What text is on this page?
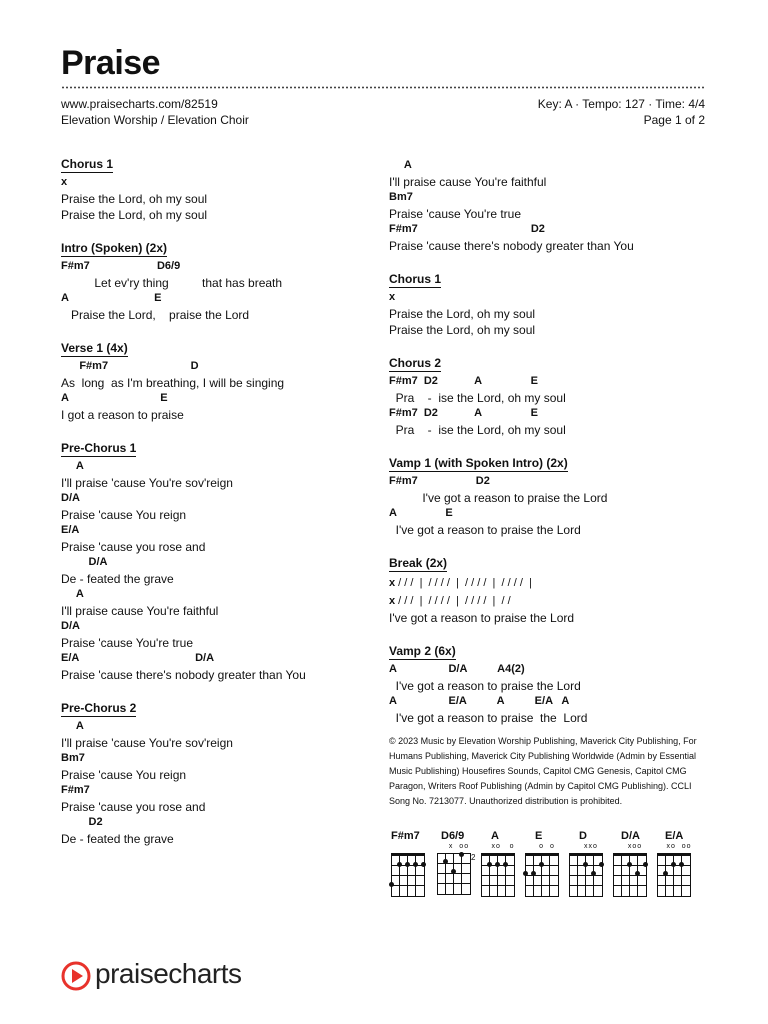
Praise
www.praisecharts.com/82519
Elevation Worship / Elevation Choir
Key: A · Tempo: 127 · Time: 4/4
Page 1 of 2
Chorus 1
x
Praise the Lord, oh my soul
Praise the Lord, oh my soul
Intro (Spoken) (2x)
F#m7                      D6/9
Let ev'ry thing          that has breath
A                            E
Praise the Lord,    praise the Lord
Verse 1 (4x)
F#m7                           D
As  long  as I'm breathing, I will be singing
A                              E
I got a reason to praise
Pre-Chorus 1
A
I'll praise 'cause You're sov'reign
D/A
Praise 'cause You reign
E/A
Praise 'cause you rose and
D/A
De - feated the grave
A
I'll praise cause You're faithful
D/A
Praise 'cause You're true
E/A                                      D/A
Praise 'cause there's nobody greater than You
Pre-Chorus 2
A
I'll praise 'cause You're sov'reign
Bm7
Praise 'cause You reign
F#m7
Praise 'cause you rose and
D2
De - feated the grave
A
I'll praise cause You're faithful
Bm7
Praise 'cause You're true
F#m7                                     D2
Praise 'cause there's nobody greater than You
Chorus 1
x
Praise the Lord, oh my soul
Praise the Lord, oh my soul
Chorus 2
F#m7  D2            A                E
Pra    -  ise the Lord, oh my soul
F#m7  D2            A                E
Pra    -  ise the Lord, oh my soul
Vamp 1 (with Spoken Intro) (2x)
F#m7                   D2
I've got a reason to praise the Lord
A                E
I've got a reason to praise the Lord
Break (2x)
x / / /  |  / / / /  |  / / / /  |  / / / /  |
x / / /  |  / / / /  |  / / / /  |  / /
I've got a reason to praise the Lord
Vamp 2 (6x)
A                 D/A          A4(2)
I've got a reason to praise the Lord
A                 E/A          A          E/A   A
I've got a reason to praise  the  Lord
© 2023 Music by Elevation Worship Publishing, Maverick City Publishing, For Humans Publishing, Maverick City Publishing Worldwide (Admin by Essential Music Publishing) Housefires Sounds, Capitol CMG Genesis, Capitol CMG Paragon, Writers Roof Publishing (Admin by Capitol CMG Publishing). CCLI Song No. 7213077. Unauthorized distribution is prohibited.
F#m7 D6/9
x  oo
2
A
xo   o
E
o  o
D
xxo
D/A
xoo
E/A
xo  oo
praisecharts
